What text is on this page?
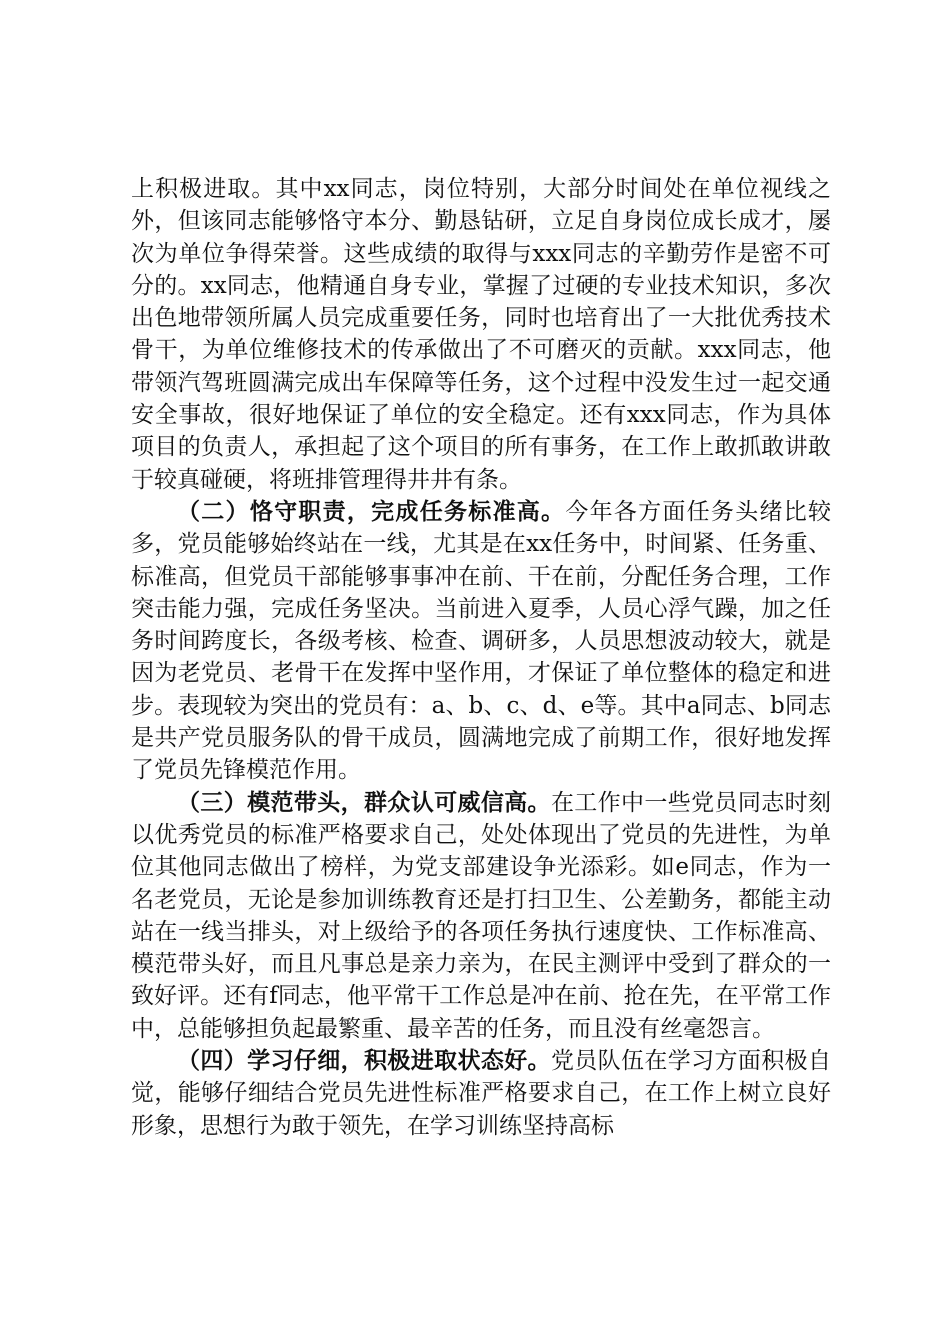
上积极进取。其中xx同志，岗位特别，大部分时间处在单位视线之外，但该同志能够恪守本分、勤恳钻研，立足自身岗位成长成才，屡次为单位争得荣誉。这些成绩的取得与xxx同志的辛勤劳作是密不可分的。xx同志，他精通自身专业，掌握了过硬的专业技术知识，多次出色地带领所属人员完成重要任务，同时也培育出了一大批优秀技术骨干，为单位维修技术的传承做出了不可磨灭的贡献。xxx同志，他带领汽驾班圆满完成出车保障等任务，这个过程中没发生过一起交通安全事故，很好地保证了单位的安全稳定。还有xxx同志，作为具体项目的负责人，承担起了这个项目的所有事务，在工作上敢抓敢讲敢于较真碰硬，将班排管理得井井有条。

（二）恪守职责，完成任务标准高。今年各方面任务头绪比较多，党员能够始终站在一线，尤其是在xx任务中，时间紧、任务重、标准高，但党员干部能够事事冲在前、干在前，分配任务合理，工作突击能力强，完成任务坚决。当前进入夏季，人员心浮气躁，加之任务时间跨度长，各级考核、检查、调研多，人员思想波动较大，就是因为老党员、老骨干在发挥中坚作用，才保证了单位整体的稳定和进步。表现较为突出的党员有：a、b、c、d、e等。其中a同志、b同志是共产党员服务队的骨干成员，圆满地完成了前期工作，很好地发挥了党员先锋模范作用。

（三）模范带头，群众认可威信高。在工作中一些党员同志时刻以优秀党员的标准严格要求自己，处处体现出了党员的先进性，为单位其他同志做出了榜样，为党支部建设争光添彩。如e同志，作为一名老党员，无论是参加训练教育还是打扫卫生、公差勤务，都能主动站在一线当排头，对上级给予的各项任务执行速度快、工作标准高、模范带头好，而且凡事总是亲力亲为，在民主测评中受到了群众的一致好评。还有f同志，他平常干工作总是冲在前、抢在先，在平常工作中，总能够担负起最繁重、最辛苦的任务，而且没有丝毫怨言。

（四）学习仔细，积极进取状态好。党员队伍在学习方面积极自觉，能够仔细结合党员先进性标准严格要求自己，在工作上树立良好形象，思想行为敢于领先，在学习训练坚持高标
